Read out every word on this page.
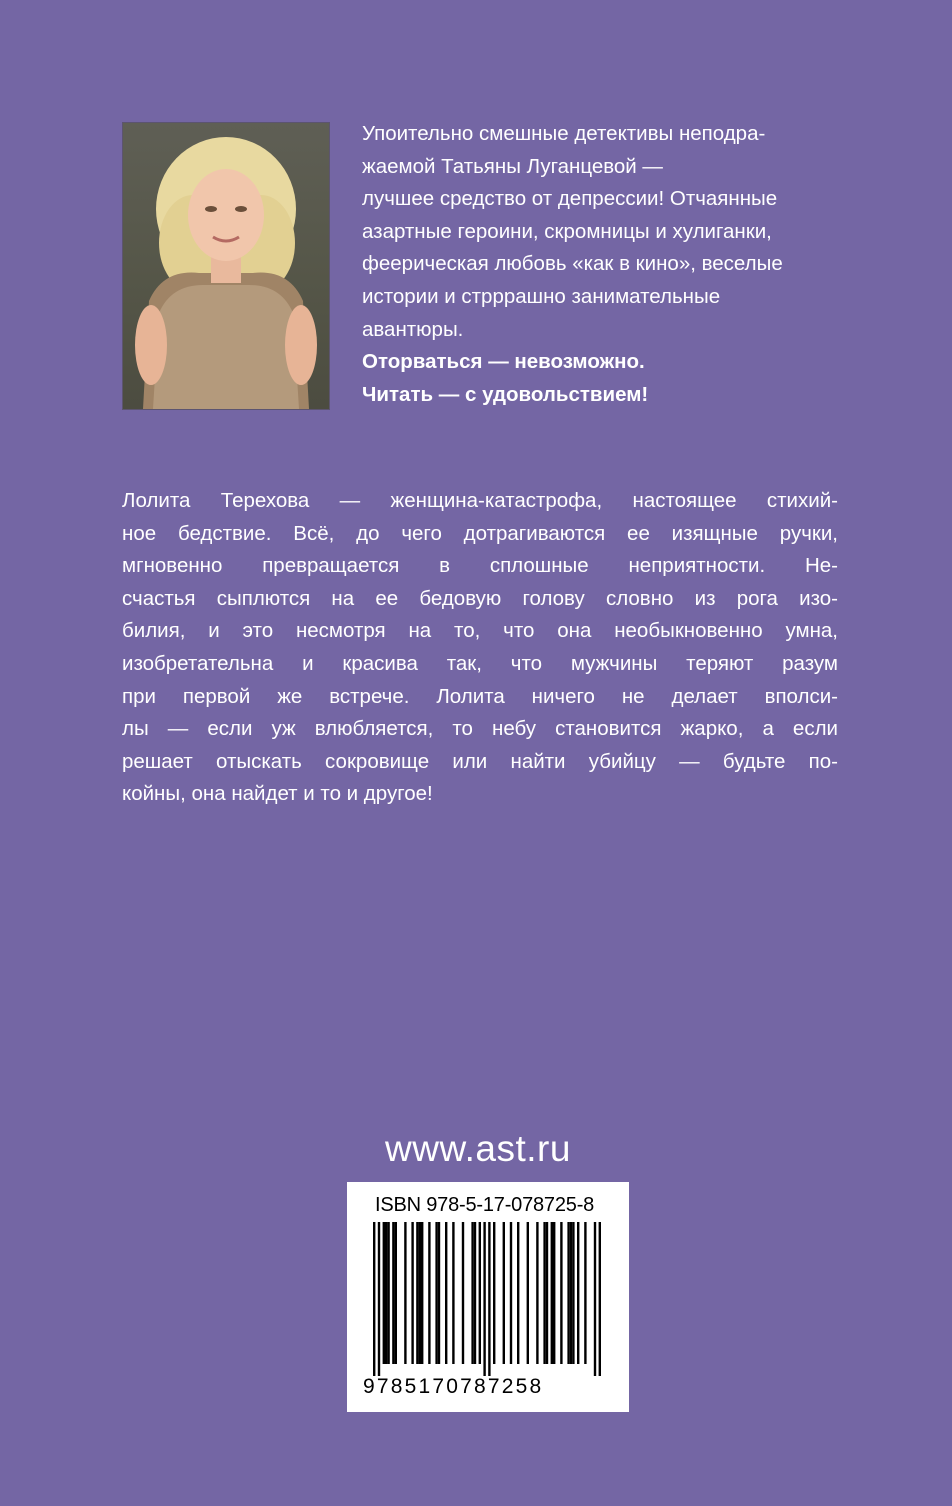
Упоительно смешные детективы неподра-

жаемой Татьяны Луганцевой —

лучшее средство от депрессии! Отчаянные

азартные героини, скромницы и хулиганки,

феерическая любовь «как в кино», веселые

истории и стрррашно занимательные

авантюры.

Оторваться — невозможно.

Читать — с удовольствием!

Лолита Терехова — женщина-катастрофа, настоящее стихий-
ное бедствие. Всё, до чего дотрагиваются ее изящные ручки,
мгновенно превращается в сплошные неприятности. Не-
счастья сыплются на ее бедовую голову словно из рога изо-
билия, и это несмотря на то, что она необыкновенно умна,
изобретательна и красива так, что мужчины теряют разум
при первой же встрече. Лолита ничего не делает вполси-
лы — если уж влюбляется, то небу становится жарко, а если
решает отыскать сокровище или найти убийцу — будьте по-
койны, она найдет и то и другое!
www.ast.ru
ISBN 978-5-17-078725-8
9785170787258
